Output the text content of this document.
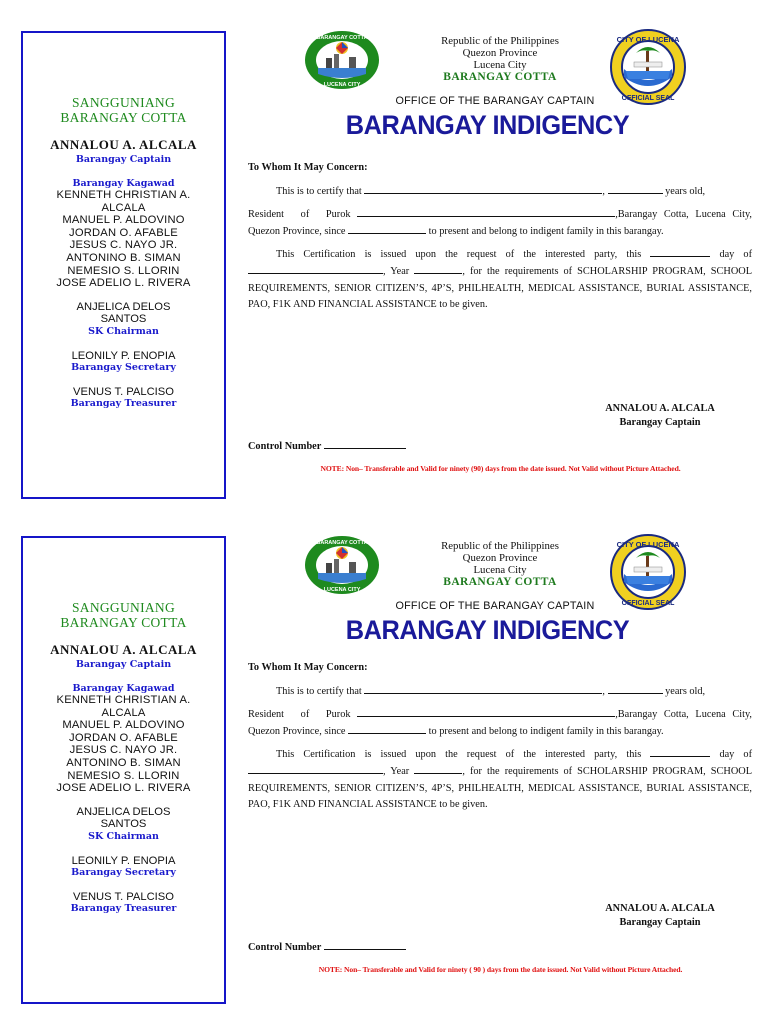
SANGGUNIANG
BARANGAY COTTA
ANNALOU A. ALCALA
Barangay Captain
Barangay Kagawad
KENNETH CHRISTIAN A.
ALCALA
MANUEL P. ALDOVINO
JORDAN O. AFABLE
JESUS C. NAYO JR.
ANTONINO B. SIMAN
NEMESIO S. LLORIN
JOSE ADELIO L. RIVERA
ANJELICA DELOS
SANTOS
SK Chairman
LEONILY P. ENOPIA
Barangay Secretary
VENUS T. PALCISO
Barangay Treasurer
BARANGAY COTTA
LUCENA CITY
Republic of the Philippines
Quezon Province
Lucena City
BARANGAY COTTA
CITY OF LUCENA
OFFICIAL SEAL
OFFICE OF THE BARANGAY CAPTAIN
BARANGAY INDIGENCY

To Whom It May Concern:

This is to certify that	,	years old,

Resident of Purok	,Barangay Cotta, Lucena City, Quezon Province, since	to present and belong to indigent family in this barangay.

This Certification is issued upon the request of the interested party, this	day of , Year	, for the requirements of SCHOLARSHIP PROGRAM, SCHOOL REQUIREMENTS, SENIOR CITIZEN’S, 4P’S, PHILHEALTH, MEDICAL ASSISTANCE, BURIAL ASSISTANCE, PAO, F1K AND FINANCIAL ASSISTANCE to be given.

ANNALOU A. ALCALA
Barangay Captain
Control Number
NOTE: Non– Transferable and Valid for ninety (90) days from the date issued. Not Valid without Picture Attached.
SANGGUNIANG
BARANGAY COTTA
ANNALOU A. ALCALA
Barangay Captain
Barangay Kagawad
KENNETH CHRISTIAN A.
ALCALA
MANUEL P. ALDOVINO
JORDAN O. AFABLE
JESUS C. NAYO JR.
ANTONINO B. SIMAN
NEMESIO S. LLORIN
JOSE ADELIO L. RIVERA
ANJELICA DELOS
SANTOS
SK Chairman
LEONILY P. ENOPIA
Barangay Secretary
VENUS T. PALCISO
Barangay Treasurer
BARANGAY COTTA
LUCENA CITY
Republic of the Philippines
Quezon Province
Lucena City
BARANGAY COTTA
CITY OF LUCENA
OFFICIAL SEAL
OFFICE OF THE BARANGAY CAPTAIN
BARANGAY INDIGENCY

To Whom It May Concern:

This is to certify that	,	years old,

Resident of Purok	,Barangay Cotta, Lucena City, Quezon Province, since	to present and belong to indigent family in this barangay.

This Certification is issued upon the request of the interested party, this	day of , Year	, for the requirements of SCHOLARSHIP PROGRAM, SCHOOL REQUIREMENTS, SENIOR CITIZEN’S, 4P’S, PHILHEALTH, MEDICAL ASSISTANCE, BURIAL ASSISTANCE, PAO, F1K AND FINANCIAL ASSISTANCE to be given.

ANNALOU A. ALCALA
Barangay Captain
Control Number
NOTE: Non– Transferable and Valid for ninety ( 90 ) days from the date issued. Not Valid without Picture Attached.
